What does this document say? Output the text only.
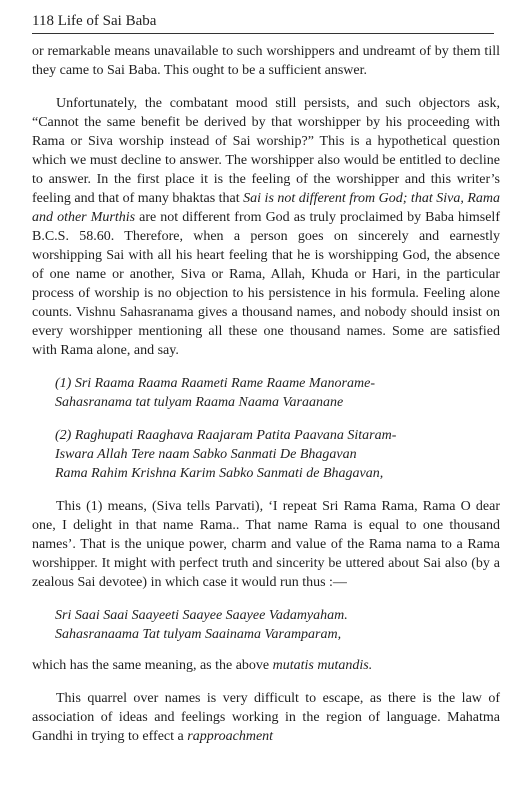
118 Life of Sai Baba

or remarkable means unavailable to such worshippers and undreamt of by them till they came to Sai Baba. This ought to be a sufficient answer.

Unfortunately, the combatant mood still persists, and such objectors ask, “Cannot the same benefit be derived by that worshipper by his proceeding with Rama or Siva worship instead of Sai worship?” This is a hypothetical question which we must decline to answer. The worshipper also would be entitled to decline to answer. In the first place it is the feeling of the worshipper and this writer’s feeling and that of many bhaktas that Sai is not different from God; that Siva, Rama and other Murthis are not different from God as truly proclaimed by Baba himself B.C.S. 58.60. Therefore, when a person goes on sincerely and earnestly worshipping Sai with all his heart feeling that he is worshipping God, the absence of one name or another, Siva or Rama, Allah, Khuda or Hari, in the particular process of worship is no objection to his persistence in his formula. Feeling alone counts. Vishnu Sahasranama gives a thousand names, and nobody should insist on every worshipper mentioning all these one thousand names. Some are satisfied with Rama alone, and say.

(1) Sri Raama Raama Raameti Rame Raame Manorame-
Sahasranama tat tulyam Raama Naama Varaanane
(2) Raghupati Raaghava Raajaram Patita Paavana Sitaram-
Iswara Allah Tere naam Sabko Sanmati De Bhagavan
Rama Rahim Krishna Karim Sabko Sanmati de Bhagavan,

This (1) means, (Siva tells Parvati), ‘I repeat Sri Rama Rama, Rama O dear one, I delight in that name Rama.. That name Rama is equal to one thousand names’. That is the unique power, charm and value of the Rama nama to a Rama worshipper. It might with perfect truth and sincerity be uttered about Sai also (by a zealous Sai devotee) in which case it would run thus :—

Sri Saai Saai Saayeeti Saayee Saayee Vadamyaham.
Sahasranaama Tat tulyam Saainama Varamparam,

which has the same meaning, as the above mutatis mutandis.

This quarrel over names is very difficult to escape, as there is the law of association of ideas and feelings working in the region of language. Mahatma Gandhi in trying to effect a rapproachment
